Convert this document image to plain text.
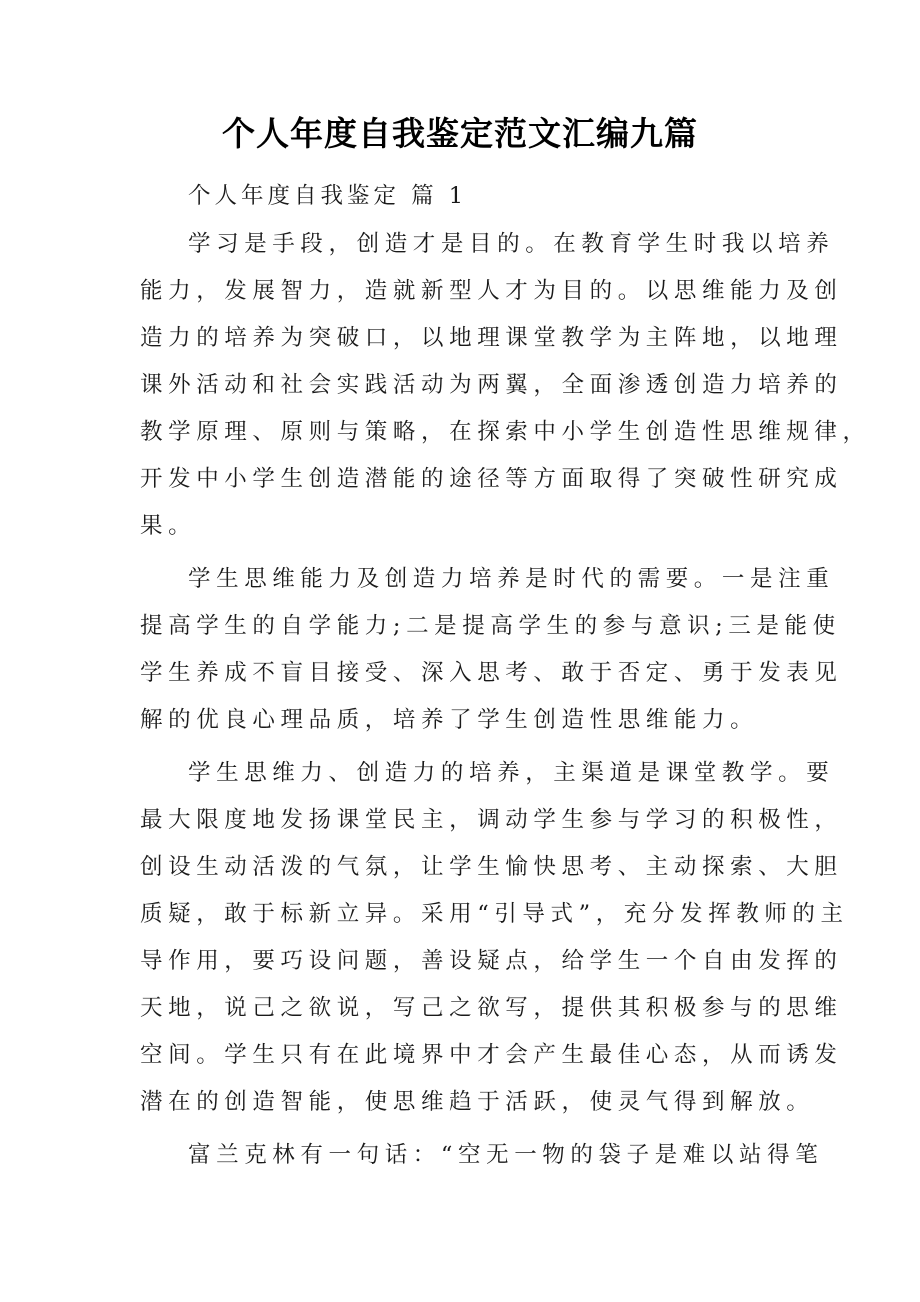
个人年度自我鉴定范文汇编九篇
个人年度自我鉴定 篇 1
学习是手段，创造才是目的。在教育学生时我以培养
能力，发展智力，造就新型人才为目的。以思维能力及创
造力的培养为突破口，以地理课堂教学为主阵地，以地理
课外活动和社会实践活动为两翼，全面渗透创造力培养的
教学原理、原则与策略，在探索中小学生创造性思维规律，
开发中小学生创造潜能的途径等方面取得了突破性研究成
果。
学生思维能力及创造力培养是时代的需要。一是注重
提高学生的自学能力;二是提高学生的参与意识;三是能使
学生养成不盲目接受、深入思考、敢于否定、勇于发表见
解的优良心理品质，培养了学生创造性思维能力。
学生思维力、创造力的培养，主渠道是课堂教学。要
最大限度地发扬课堂民主，调动学生参与学习的积极性，
创设生动活泼的气氛，让学生愉快思考、主动探索、大胆
质疑，敢于标新立异。采用“引导式”，充分发挥教师的主
导作用，要巧设问题，善设疑点，给学生一个自由发挥的
天地，说己之欲说，写己之欲写，提供其积极参与的思维
空间。学生只有在此境界中才会产生最佳心态，从而诱发
潜在的创造智能，使思维趋于活跃，使灵气得到解放。
富兰克林有一句话：“空无一物的袋子是难以站得笔
